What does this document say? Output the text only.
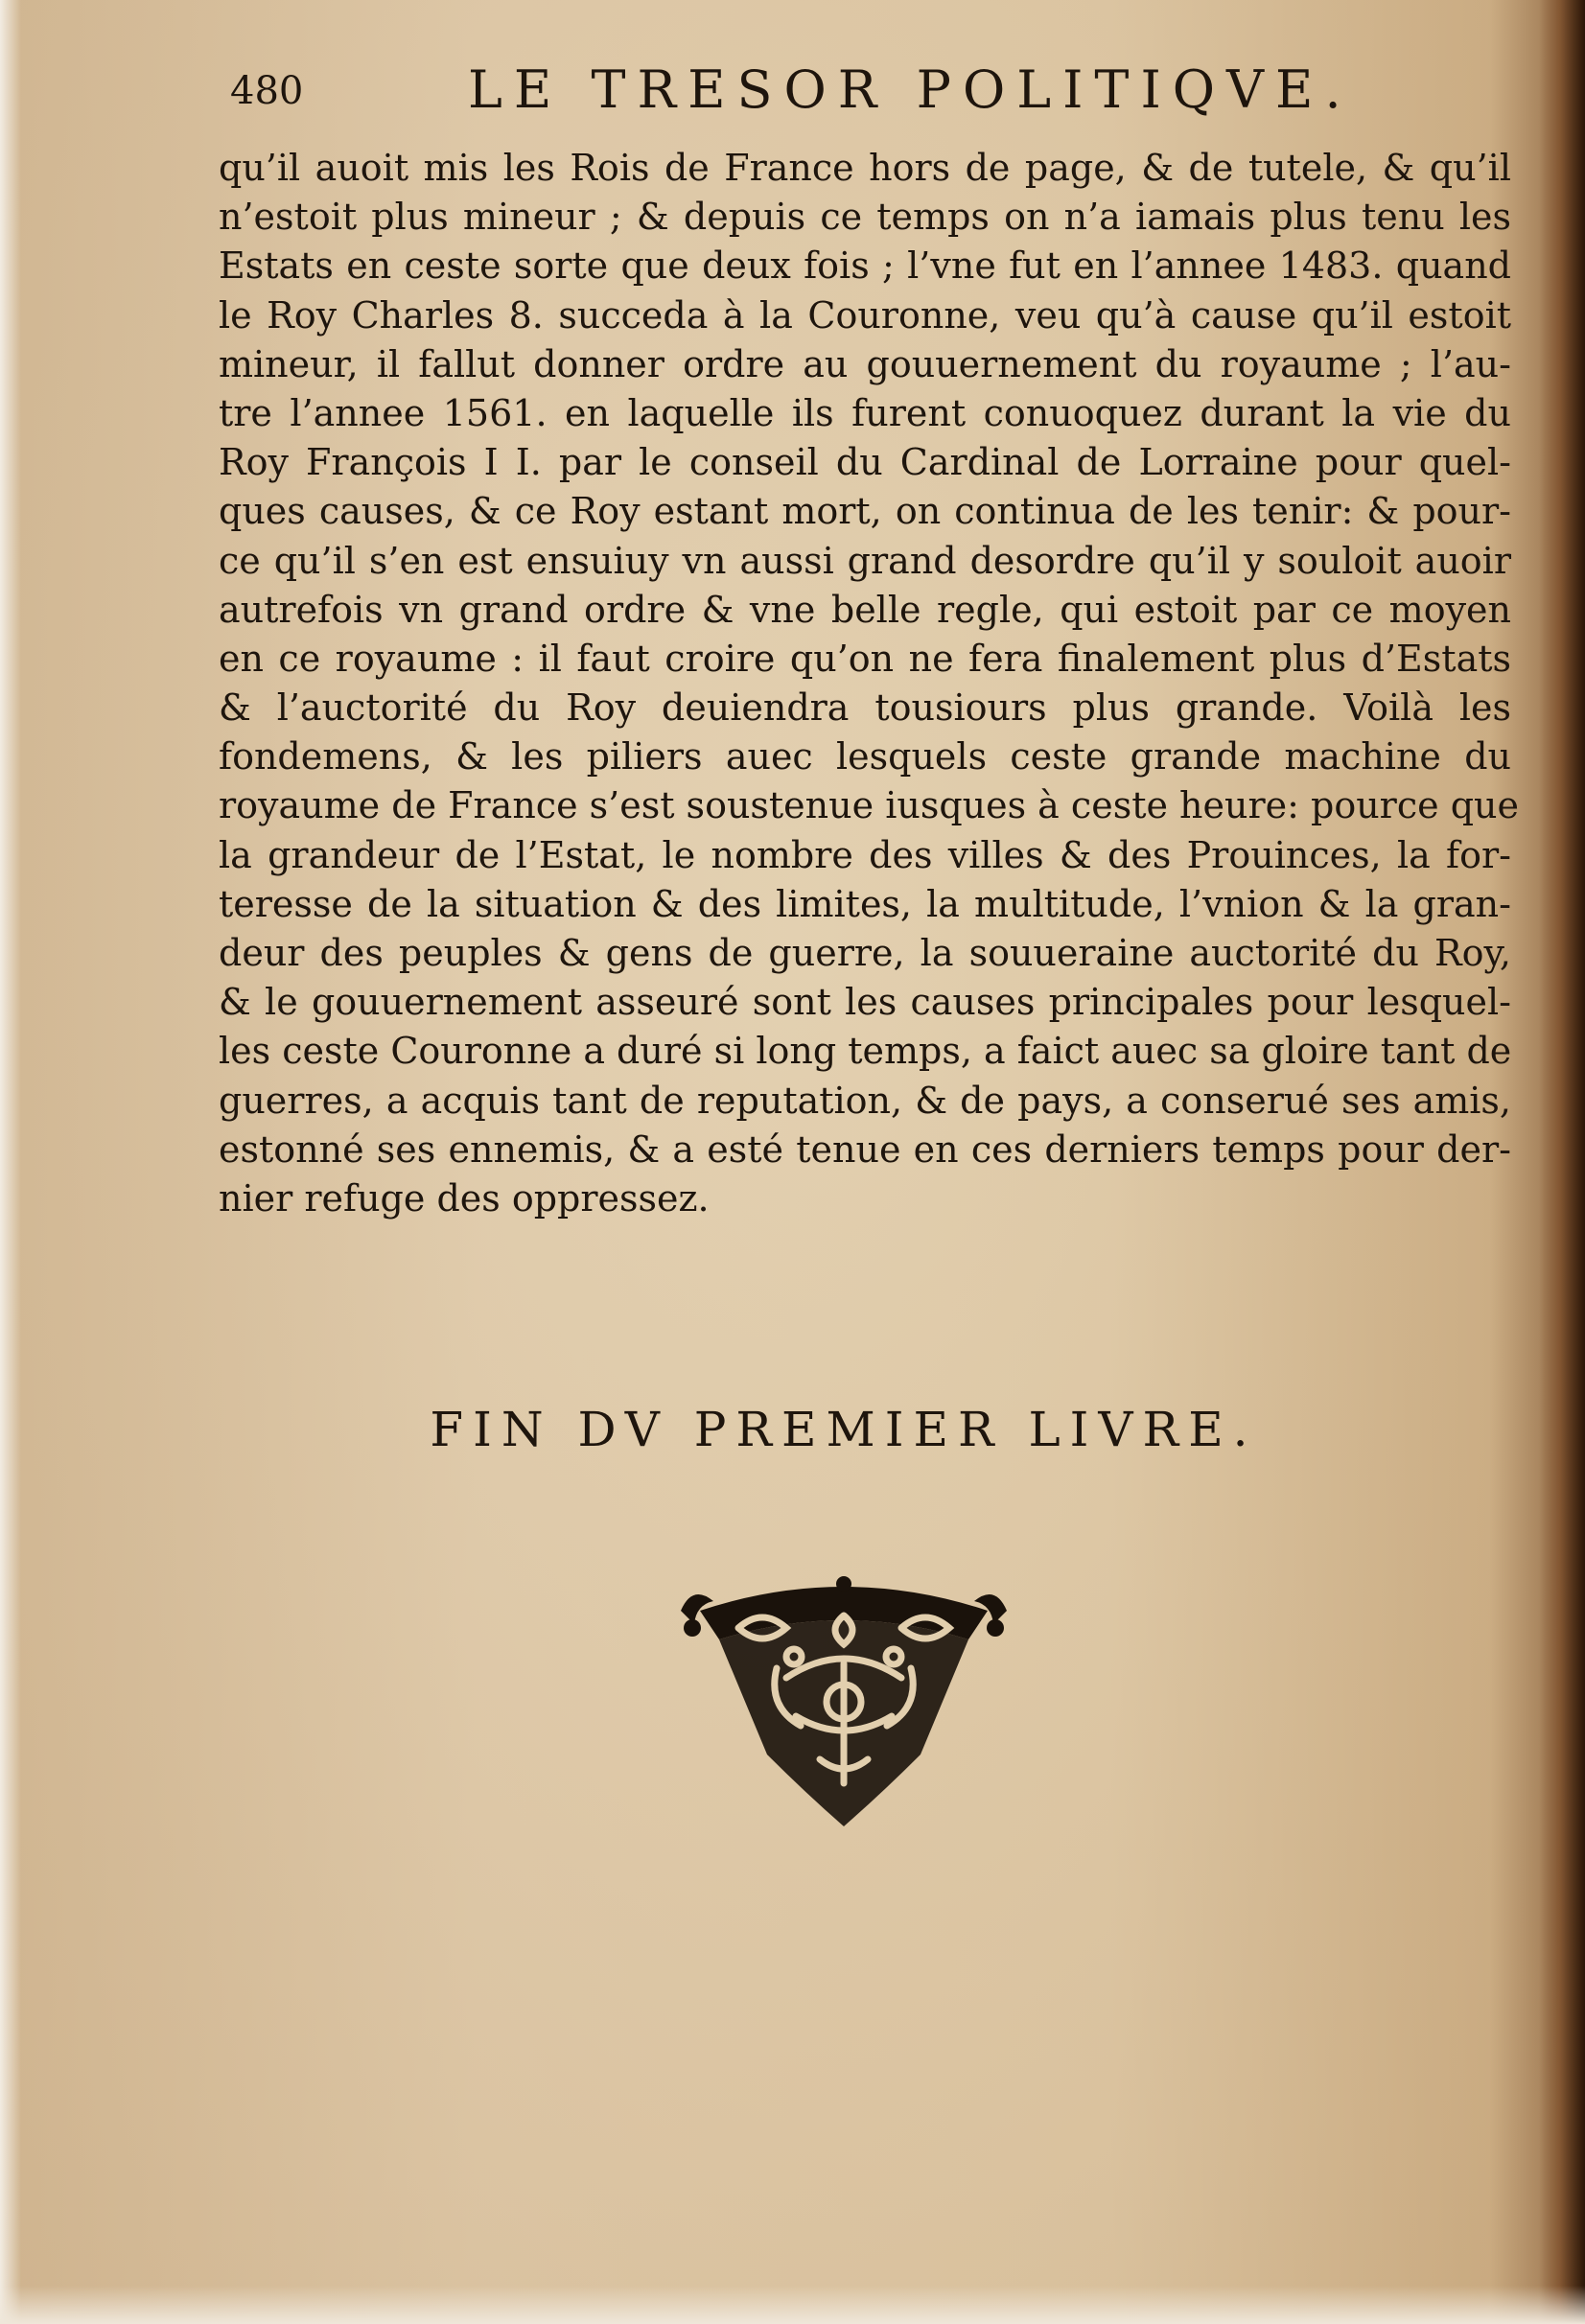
480	LE TRESOR POLITIQVE.
qu’il auoit mis les Rois de France hors de page, & de tutele, & qu’il
n’estoit plus mineur ; & depuis ce temps on n’a iamais plus tenu les
Estats en ceste sorte que deux fois ; l’vne fut en l’annee 1483. quand
le Roy Charles 8. succeda à la Couronne, veu qu’à cause qu’il estoit
mineur, il fallut donner ordre au gouuernement du royaume ; l’au-
tre l’annee 1561. en laquelle ils furent conuoquez durant la vie du
Roy François I I. par le conseil du Cardinal de Lorraine pour quel-
ques causes, & ce Roy estant mort, on continua de les tenir: & pour-
ce qu’il s’en est ensuiuy vn aussi grand desordre qu’il y souloit auoir
autrefois vn grand ordre & vne belle regle, qui estoit par ce moyen
en ce royaume : il faut croire qu’on ne fera finalement plus d’Estats
& l’auctorité du Roy deuiendra tousiours plus grande. Voilà les
fondemens, & les piliers auec lesquels ceste grande machine du
royaume de France s’est soustenue iusques à ceste heure: pource que
la grandeur de l’Estat, le nombre des villes & des Prouinces, la for-
teresse de la situation & des limites, la multitude, l’vnion & la gran-
deur des peuples & gens de guerre, la souueraine auctorité du Roy,
& le gouuernement asseuré sont les causes principales pour lesquel-
les ceste Couronne a duré si long temps, a faict auec sa gloire tant de
guerres, a acquis tant de reputation, & de pays, a conserué ses amis,
estonné ses ennemis, & a esté tenue en ces derniers temps pour der-
nier refuge des oppressez.
FIN DV PREMIER LIVRE.
